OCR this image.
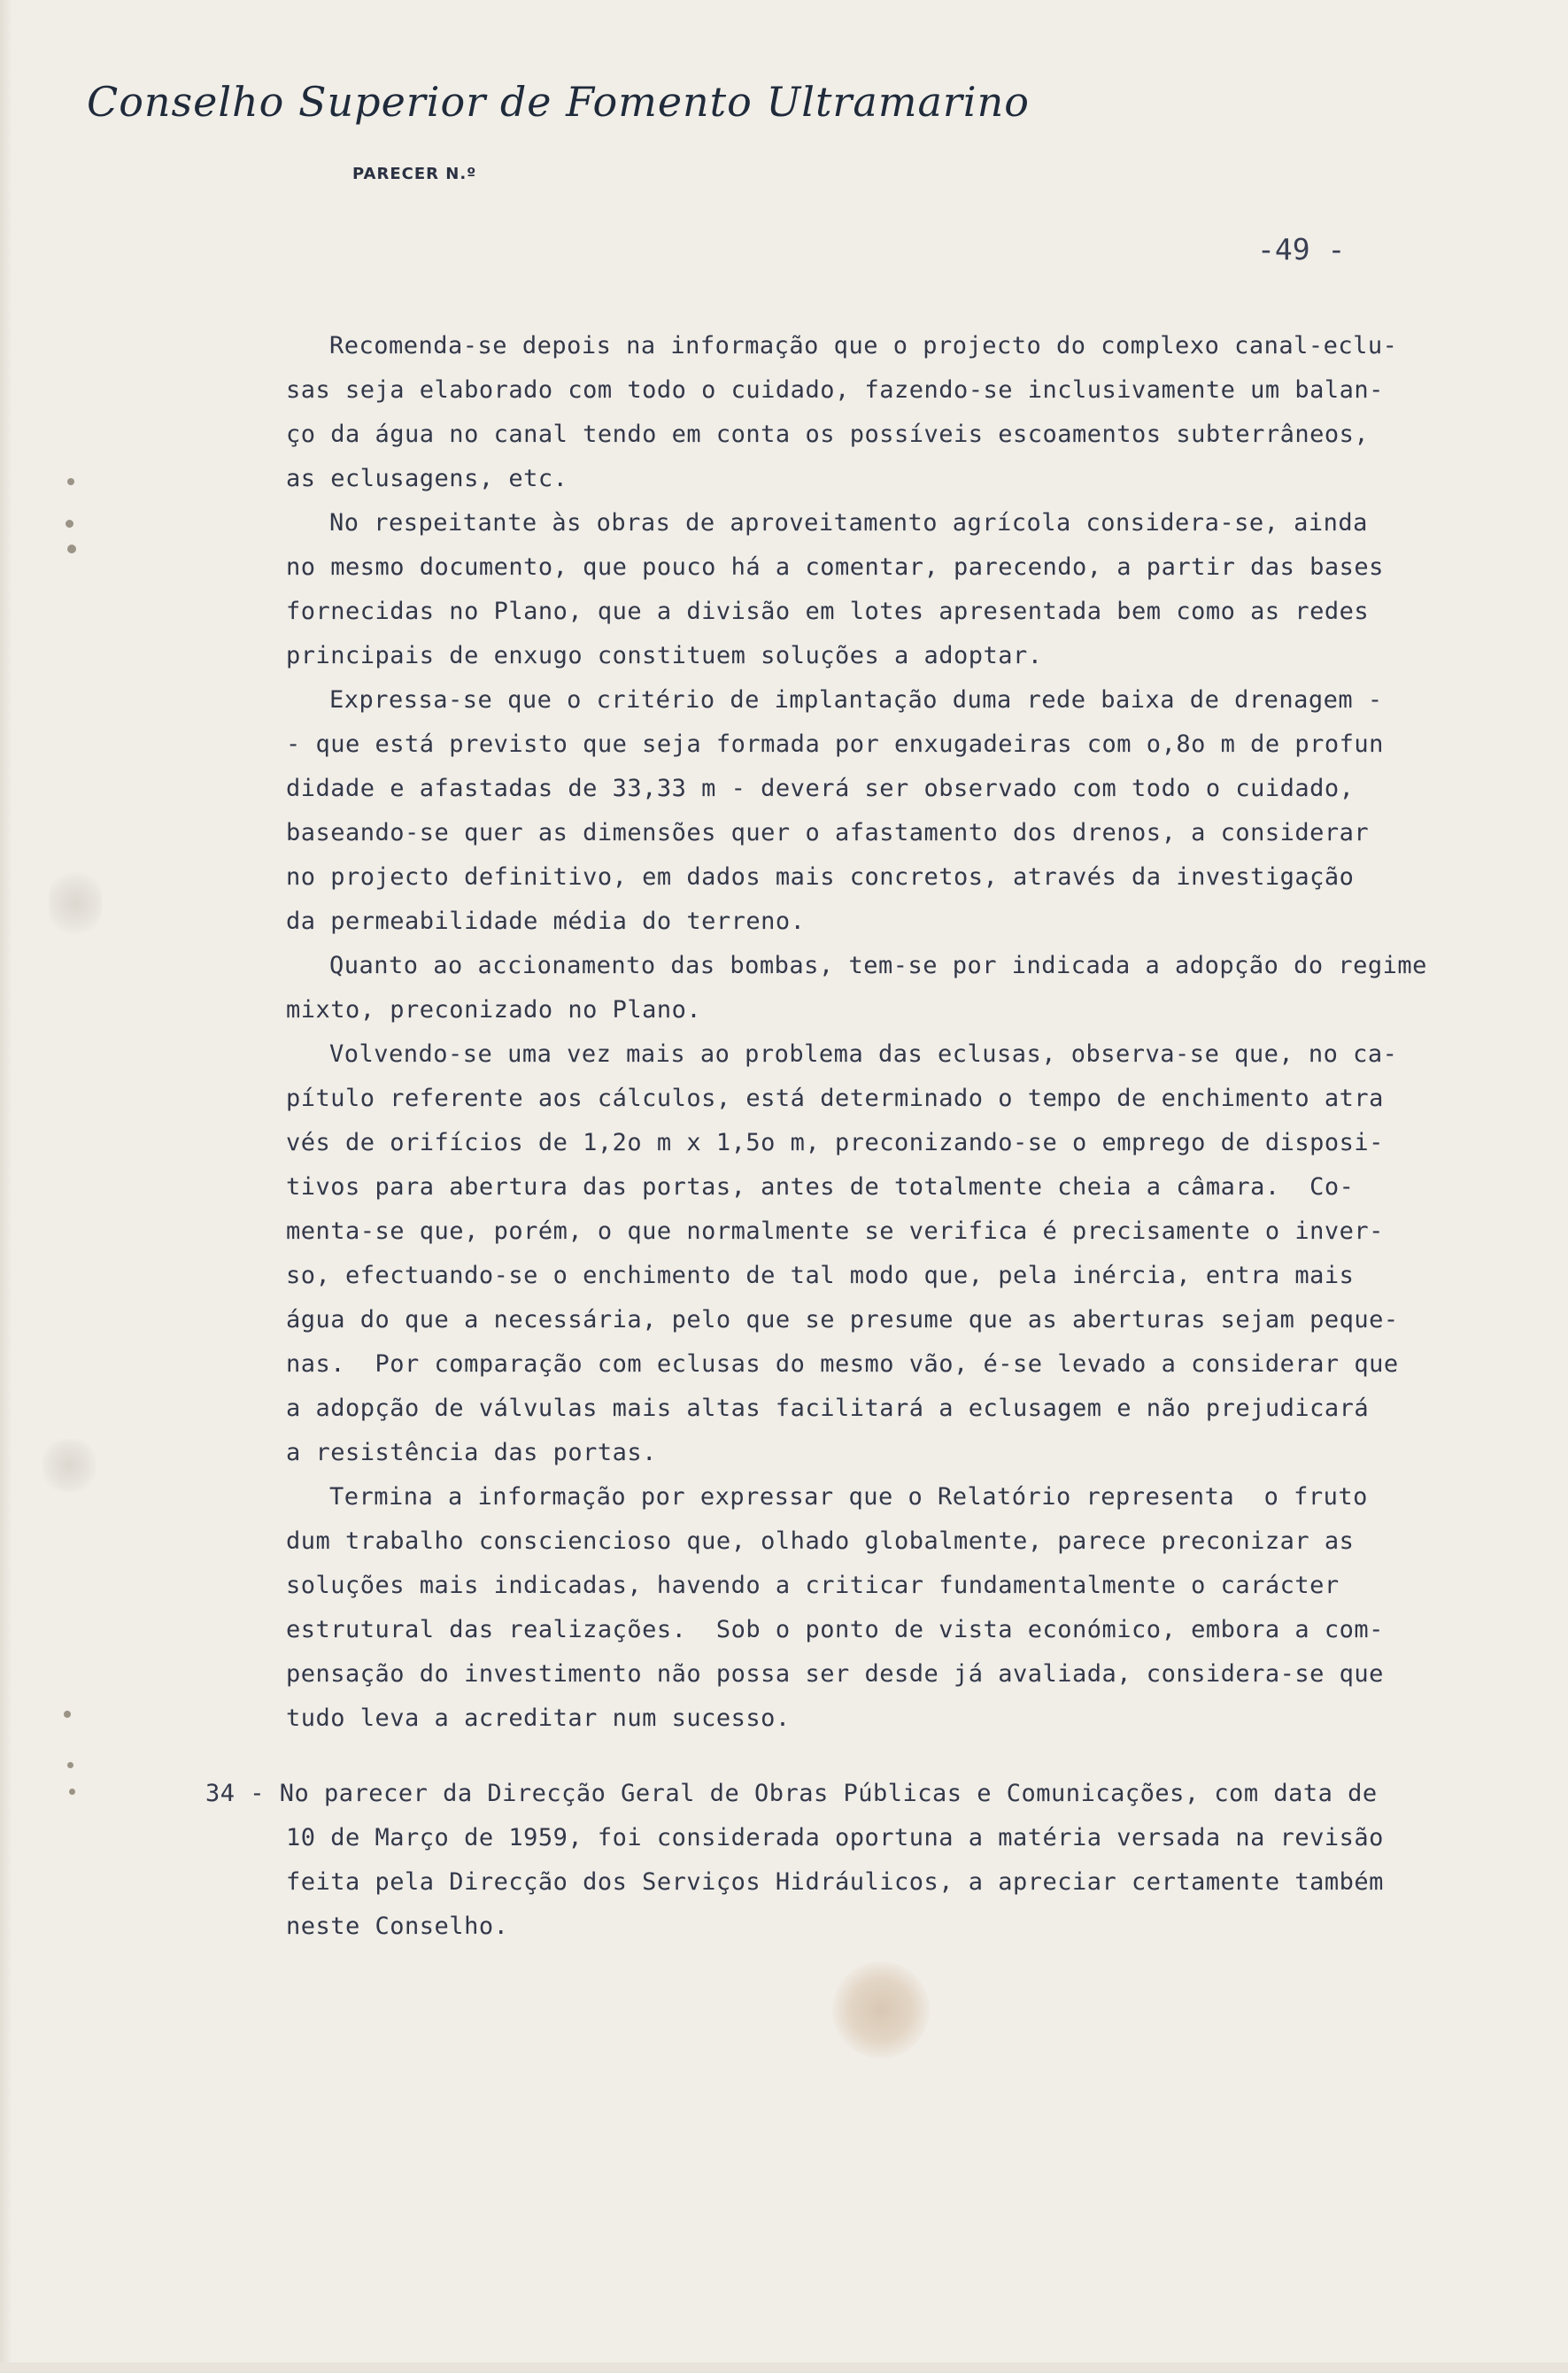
Conselho Superior de Fomento Ultramarino
PARECER N.º
-49 -
Recomenda-se depois na informação que o projecto do complexo canal-eclu-
sas seja elaborado com todo o cuidado, fazendo-se inclusivamente um balan-
ço da água no canal tendo em conta os possíveis escoamentos subterrâneos,
as eclusagens, etc.
No respeitante às obras de aproveitamento agrícola considera-se, ainda
no mesmo documento, que pouco há a comentar, parecendo, a partir das bases
fornecidas no Plano, que a divisão em lotes apresentada bem como as redes
principais de enxugo constituem soluções a adoptar.
Expressa-se que o critério de implantação duma rede baixa de drenagem -
- que está previsto que seja formada por enxugadeiras com o,8o m de profun
didade e afastadas de 33,33 m - deverá ser observado com todo o cuidado,
baseando-se quer as dimensões quer o afastamento dos drenos, a considerar
no projecto definitivo, em dados mais concretos, através da investigação
da permeabilidade média do terreno.
Quanto ao accionamento das bombas, tem-se por indicada a adopção do regime
mixto, preconizado no Plano.
Volvendo-se uma vez mais ao problema das eclusas, observa-se que, no ca-
pítulo referente aos cálculos, está determinado o tempo de enchimento atra
vés de orifícios de 1,2o m x 1,5o m, preconizando-se o emprego de disposi-
tivos para abertura das portas, antes de totalmente cheia a câmara.  Co-
menta-se que, porém, o que normalmente se verifica é precisamente o inver-
so, efectuando-se o enchimento de tal modo que, pela inércia, entra mais
água do que a necessária, pelo que se presume que as aberturas sejam peque-
nas.  Por comparação com eclusas do mesmo vão, é-se levado a considerar que
a adopção de válvulas mais altas facilitará a eclusagem e não prejudicará
a resistência das portas.
Termina a informação por expressar que o Relatório representa  o fruto
dum trabalho consciencioso que, olhado globalmente, parece preconizar as
soluções mais indicadas, havendo a criticar fundamentalmente o carácter
estrutural das realizações.  Sob o ponto de vista económico, embora a com-
pensação do investimento não possa ser desde já avaliada, considera-se que
tudo leva a acreditar num sucesso.
34 - No parecer da Direcção Geral de Obras Públicas e Comunicações, com data de
10 de Março de 1959, foi considerada oportuna a matéria versada na revisão
feita pela Direcção dos Serviços Hidráulicos, a apreciar certamente também
neste Conselho.
